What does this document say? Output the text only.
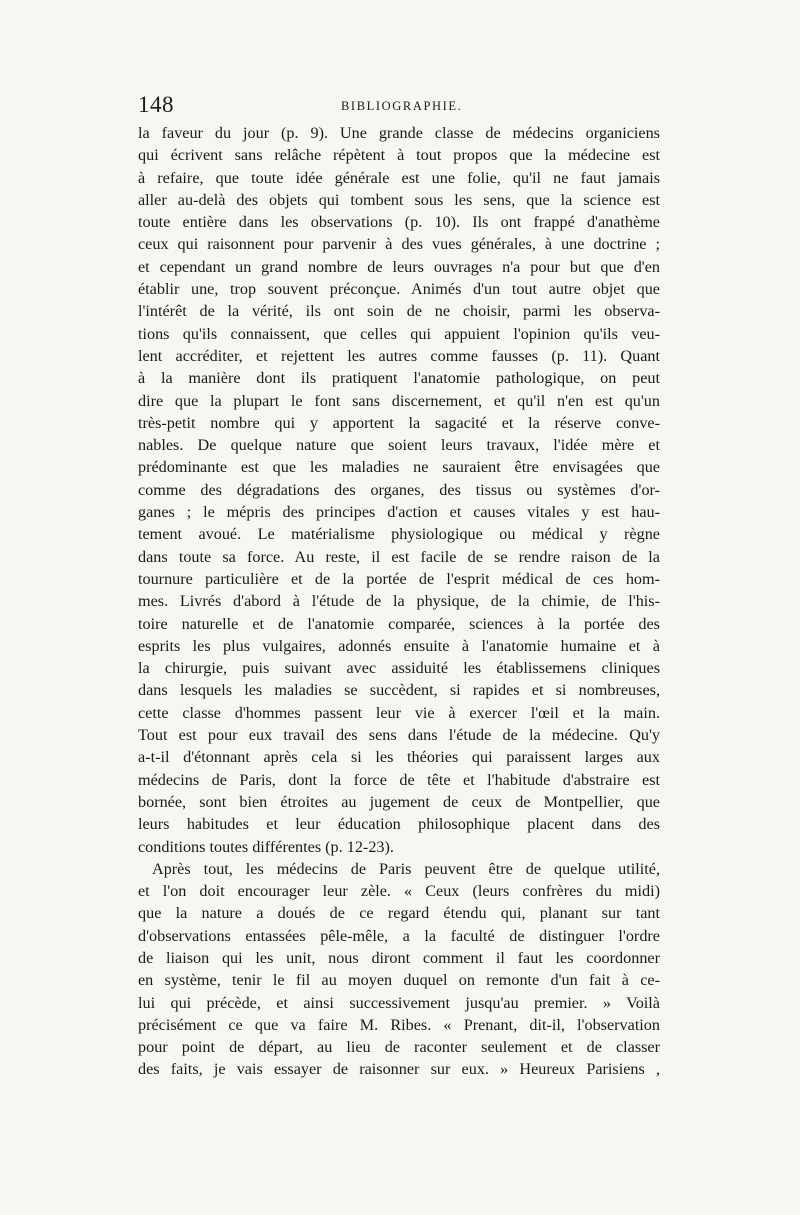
148	BIBLIOGRAPHIE.
la faveur du jour (p. 9). Une grande classe de médecins organiciens
qui écrivent sans relâche répètent à tout propos que la médecine est
à refaire, que toute idée générale est une folie, qu'il ne faut jamais
aller au-delà des objets qui tombent sous les sens, que la science est
toute entière dans les observations (p. 10). Ils ont frappé d'anathème
ceux qui raisonnent pour parvenir à des vues générales, à une doctrine ;
et cependant un grand nombre de leurs ouvrages n'a pour but que d'en
établir une, trop souvent préconçue. Animés d'un tout autre objet que
l'intérêt de la vérité, ils ont soin de ne choisir, parmi les observa-
tions qu'ils connaissent, que celles qui appuient l'opinion qu'ils veu-
lent accréditer, et rejettent les autres comme fausses (p. 11). Quant
à la manière dont ils pratiquent l'anatomie pathologique, on peut
dire que la plupart le font sans discernement, et qu'il n'en est qu'un
très-petit nombre qui y apportent la sagacité et la réserve conve-
nables. De quelque nature que soient leurs travaux, l'idée mère et
prédominante est que les maladies ne sauraient être envisagées que
comme des dégradations des organes, des tissus ou systèmes d'or-
ganes ; le mépris des principes d'action et causes vitales y est hau-
tement avoué. Le matérialisme physiologique ou médical y règne
dans toute sa force. Au reste, il est facile de se rendre raison de la
tournure particulière et de la portée de l'esprit médical de ces hom-
mes. Livrés d'abord à l'étude de la physique, de la chimie, de l'his-
toire naturelle et de l'anatomie comparée, sciences à la portée des
esprits les plus vulgaires, adonnés ensuite à l'anatomie humaine et à
la chirurgie, puis suivant avec assiduité les établissemens cliniques
dans lesquels les maladies se succèdent, si rapides et si nombreuses,
cette classe d'hommes passent leur vie à exercer l'œil et la main.
Tout est pour eux travail des sens dans l'étude de la médecine. Qu'y
a-t-il d'étonnant après cela si les théories qui paraissent larges aux
médecins de Paris, dont la force de tête et l'habitude d'abstraire est
bornée, sont bien étroites au jugement de ceux de Montpellier, que
leurs habitudes et leur éducation philosophique placent dans des
conditions toutes différentes (p. 12-23).
Après tout, les médecins de Paris peuvent être de quelque utilité,
et l'on doit encourager leur zèle. « Ceux (leurs confrères du midi)
que la nature a doués de ce regard étendu qui, planant sur tant
d'observations entassées pêle-mêle, a la faculté de distinguer l'ordre
de liaison qui les unit, nous diront comment il faut les coordonner
en système, tenir le fil au moyen duquel on remonte d'un fait à ce-
lui qui précède, et ainsi successivement jusqu'au premier. » Voilà
précisément ce que va faire M. Ribes. « Prenant, dit-il, l'observation
pour point de départ, au lieu de raconter seulement et de classer
des faits, je vais essayer de raisonner sur eux. » Heureux Parisiens ,
